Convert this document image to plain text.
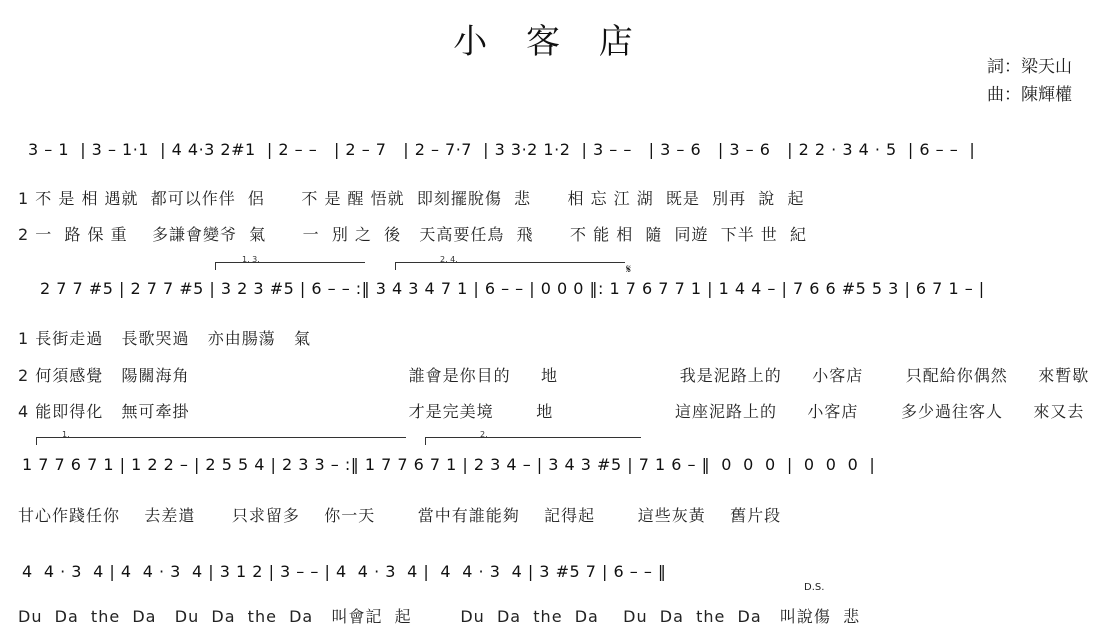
小 客 店
詞：梁天山
曲：陳輝權
3 – 1  | 3 – 1·1  | 4 4·3 2#1  | 2 – –   | 2 – 7   | 2 – 7·7  | 3 3·2 1·2  | 3 – –   | 3 – 6   | 3 – 6   | 2 2 · 3 4 · 5  | 6 – –  |
1 不 是 相 遇就  都可以作伴  侶      不 是 醒 悟就  即刻擺脫傷  悲      相 忘 江 湖  既是  別再  說  起
2 一  路 保 重    多謙會變爷  氣      一  別 之  後   天高要任鳥  飛      不 能 相  隨  同遊  下半 世  紀
1. 3.	2. 4.
𝄋
2 7 7 #5 | 2 7 7 #5 | 3 2 3 #5 | 6 – – :‖ 3 4 3 4 7 1 | 6 – – | 0 0 0 ‖: 1 7 6 7 7 1 | 1 4 4 – | 7 6 6 #5 5 3 | 6 7 1 – |
1 長街走過   長歌哭過   亦由腸蕩   氣
2 何須感覺   陽關海角                                    誰會是你目的     地                    我是泥路上的     小客店       只配給你偶然     來暫歇
4 能即得化   無可牽掛                                    才是完美境       地                    這座泥路上的     小客店       多少過往客人     來又去
1.	2.
1 7 7 6 7 1 | 1 2 2 – | 2 5 5 4 | 2 3 3 – :‖ 1 7 7 6 7 1 | 2 3 4 – | 3 4 3 #5 | 7 1 6 – ‖  0  0  0  |  0  0  0  |
甘心作踐任你    去差遣      只求留多    你一天       當中有誰能夠    記得起       這些灰黃    舊片段
4  4 · 3  4 | 4  4 · 3  4 | 3 1 2 | 3 – – | 4  4 · 3  4 |  4  4 · 3  4 | 3 #5 7 | 6 – – ‖
D.S.
Du  Da  the  Da   Du  Da  the  Da   叫會記  起        Du  Da  the  Da    Du  Da  the  Da   叫說傷  悲
